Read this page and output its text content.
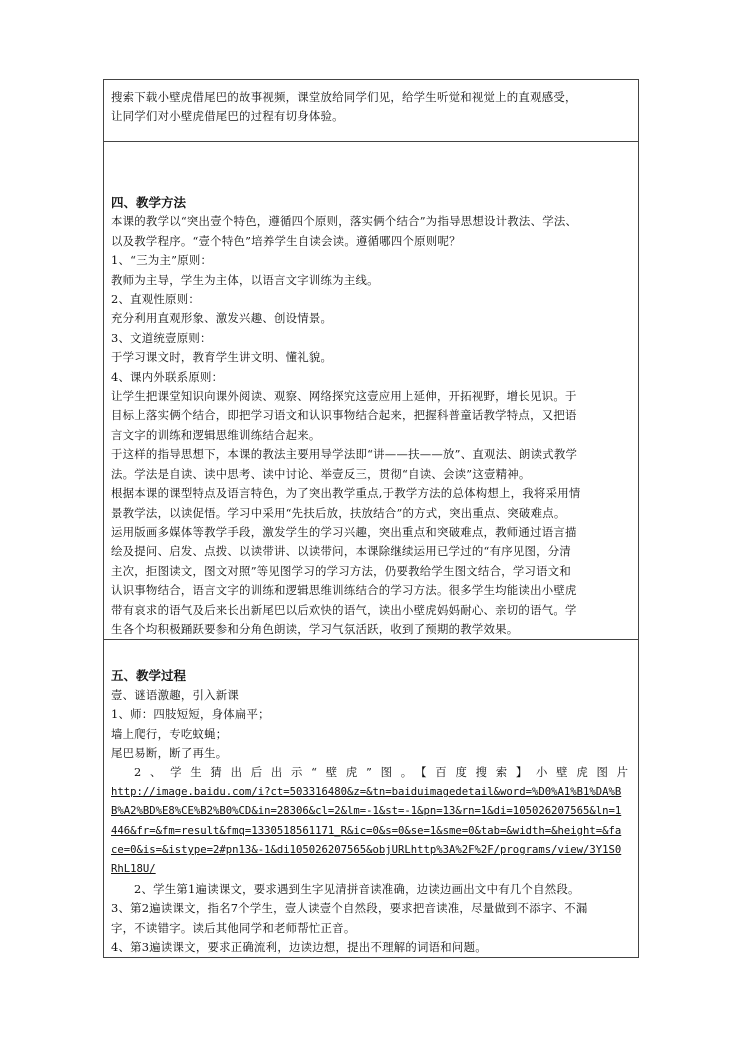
搜索下载小壁虎借尾巴的故事视频，课堂放给同学们见，给学生听觉和视觉上的直观感受，

让同学们对小壁虎借尾巴的过程有切身体验。

四、教学方法

本课的教学以“突出壹个特色，遵循四个原则，落实俩个结合”为指导思想设计教法、学法、

以及教学程序。“壹个特色”培养学生自读会读。遵循哪四个原则呢？

1、“三为主”原则：

教师为主导，学生为主体，以语言文字训练为主线。

2、直观性原则：

充分利用直观形象、激发兴趣、创设情景。

3、文道统壹原则：

于学习课文时，教育学生讲文明、懂礼貌。

4、课内外联系原则：

让学生把课堂知识向课外阅读、观察、网络探究这壹应用上延伸，开拓视野，增长见识。于

目标上落实俩个结合，即把学习语文和认识事物结合起来，把握科普童话教学特点，又把语

言文字的训练和逻辑思维训练结合起来。

于这样的指导思想下，本课的教法主要用导学法即“讲——扶——放”、直观法、朗读式教学

法。学法是自读、读中思考、读中讨论、举壹反三，贯彻“自读、会读”这壹精神。

根据本课的课型特点及语言特色，为了突出教学重点,于教学方法的总体构想上，我将采用情

景教学法，以读促悟。学习中采用“先扶后放，扶放结合”的方式，突出重点、突破难点。

运用版画多媒体等教学手段，激发学生的学习兴趣，突出重点和突破难点，教师通过语言描

绘及提问、启发、点拨、以读带讲、以读带问，本课除继续运用已学过的“有序见图，分清

主次，拒图读文，图文对照”等见图学习的学习方法，仍要教给学生图文结合，学习语文和

认识事物结合，语言文字的训练和逻辑思维训练结合的学习方法。很多学生均能读出小壁虎

带有哀求的语气及后来长出新尾巴以后欢快的语气，读出小壁虎妈妈耐心、亲切的语气。学

生各个均积极踊跃要参和分角色朗读，学习气氛活跃，收到了预期的教学效果。

五、教学过程

壹、谜语激趣，引入新课

1、师：四肢短短，身体扁平；

墙上爬行，专吃蚊蝇；

尾巴易断，断了再生。

2、学生猜出后出示“壁虎”图。【百度搜索】小壁虎图片

http://image.baidu.com/i?ct=503316480&z=&tn=baiduimagedetail&word=%D0%A1%B1%DA%B

B%A2%BD%E8%CE%B2%B0%CD&in=28306&cl=2&lm=-1&st=-1&pn=13&rn=1&di=105026207565&ln=1

446&fr=&fm=result&fmq=1330518561171_R&ic=0&s=0&se=1&sme=0&tab=&width=&height=&fa

ce=0&is=&istype=2#pn13&-1&di105026207565&objURLhttp%3A%2F%2F/programs/view/3Y1S0

RhL18U/

2、学生第1遍读课文，要求遇到生字见清拼音读准确，边读边画出文中有几个自然段。

3、第2遍读课文，指名7个学生，壹人读壹个自然段，要求把音读准，尽量做到不添字、不漏

字，不读错字。读后其他同学和老师帮忙正音。

4、第3遍读课文，要求正确流利，边读边想，提出不理解的词语和问题。
